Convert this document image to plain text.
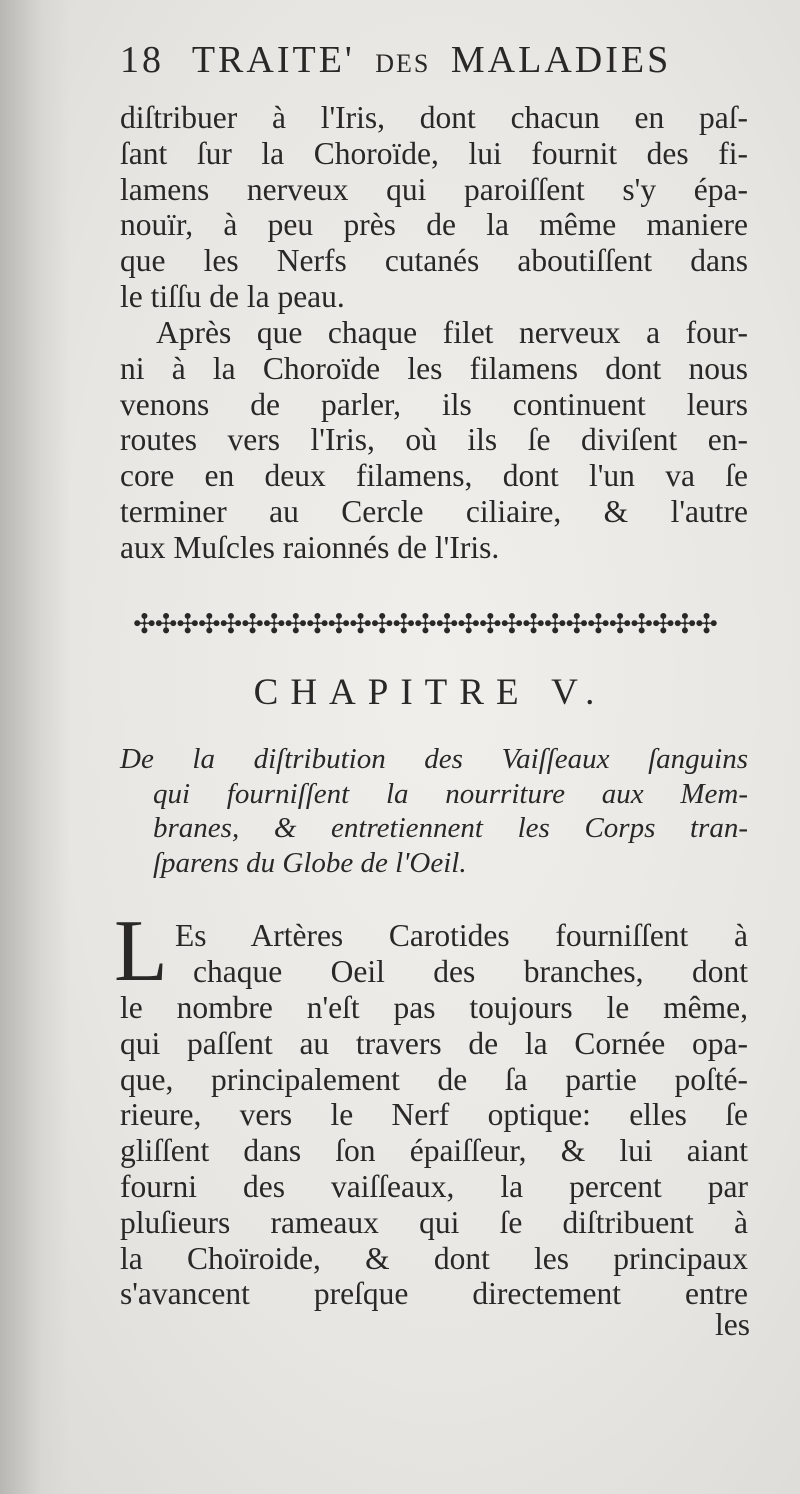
18 TRAITE' DES MALADIES
diſtribuer à l'Iris, dont chacun en paſ-
ſant ſur la Choroïde, lui fournit des fi-
lamens nerveux qui paroiſſent s'y épa-
nouïr, à peu près de la même maniere
que les Nerfs cutanés aboutiſſent dans
le tiſſu de la peau.
Après que chaque filet nerveux a four-
ni à la Choroïde les filamens dont nous
venons de parler, ils continuent leurs
routes vers l'Iris, où ils ſe diviſent en-
core en deux filamens, dont l'un va ſe
terminer au Cercle ciliaire, & l'autre
aux Muſcles raionnés de l'Iris.
✣✣✣✣✣✣✣✣✣✣✣✣✣✣✣✣✣✣✣✣✣✣✣✣✣✣✣
CHAPITRE V.
De la diſtribution des Vaiſſeaux ſanguins
qui fourniſſent la nourriture aux Mem-
branes, & entretiennent les Corps tran-
ſparens du Globe de l'Oeil.
L Es Artères Carotides fourniſſent à
chaque Oeil des branches, dont
le nombre n'eſt pas toujours le même,
qui paſſent au travers de la Cornée opa-
que, principalement de ſa partie poſté-
rieure, vers le Nerf optique: elles ſe
gliſſent dans ſon épaiſſeur, & lui aiant
fourni des vaiſſeaux, la percent par
pluſieurs rameaux qui ſe diſtribuent à
la Choïroide, & dont les principaux
s'avancent preſque directement entre
les
